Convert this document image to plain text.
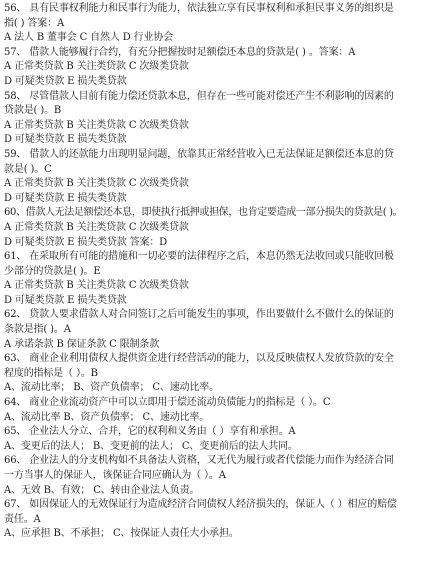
56、 具有民事权利能力和民事行为能力，依法独立享有民事权利和承担民事义务的组织是
指( ) 答案：A
A 法人 B 董事会 C 自然人 D 行业协会
57、 借款人能够履行合约，有充分把握按时足额偿还本息的贷款是( ) 。答案：A
A 正常类贷款 B 关注类贷款 C 次级类贷款
D 可疑类贷款 E 损失类贷款
58、 尽管借款人目前有能力偿还贷款本息，但存在一些可能对偿还产生不利影响的因素的
贷款是( )。B
A 正常类贷款 B 关注类贷款 C 次级类贷款
D 可疑类贷款 E 损失类贷款
59、 借款人的还款能力出现明显问题，依靠其正常经营收入已无法保证足额偿还本息的贷
款是( )。C
A 正常类贷款 B 关注类贷款 C 次级类贷款
D 可疑类贷款 E 损失类贷款
60、借款人无法足额偿还本息，即使执行抵押或担保，也肯定要造成一部分损失的贷款是( )。
A 正常类贷款 B 关注类贷款 C 次级类贷款
D 可疑类贷款 E 损失类贷款 答案：D
61、 在采取所有可能的措施和一切必要的法律程序之后，本息仍然无法收回或只能收回极
少部分的贷款是( )。E
A 正常类贷款 B 关注类贷款 C 次级类贷款
D 可疑类贷款 E 损失类贷款
62、 贷款人要求借款人对合同签订之后可能发生的事项，作出要做什么不做什么的保证的
条款是指( )。A
A 承诺条款 B 保证条款 C 限制条款
63、 商业企业利用债权人提供资金进行经营活动的能力，以及反映债权人发放贷款的安全
程度的指标是（ ）。B
A、流动比率； B、资产负债率； C、速动比率。
64、 商业企业流动资产中可以立即用于偿还流动负债能力的指标是（ ）。C
A、流动比率 B、资产负债率； C、速动比率。
65、 企业法人分立、合并，它的权利和义务由（ ）享有和承担。A
A、变更后的法人； B、变更前的法人； C、变更前后的法人共同。
66、 企业法人的分支机构如不具备法人资格，又无代为履行或者代偿能力而作为经济合同
一方当事人的保证人，该保证合同应确认为（ ）。A
A、无效 B、有效； C、转由企业法人负责。
67、 如因保证人的无效保证行为造成经济合同债权人经济损失的，保证人（ ）相应的赔偿
责任。A
A、应承担 B、不承担； C、按保证人责任大小承担。
